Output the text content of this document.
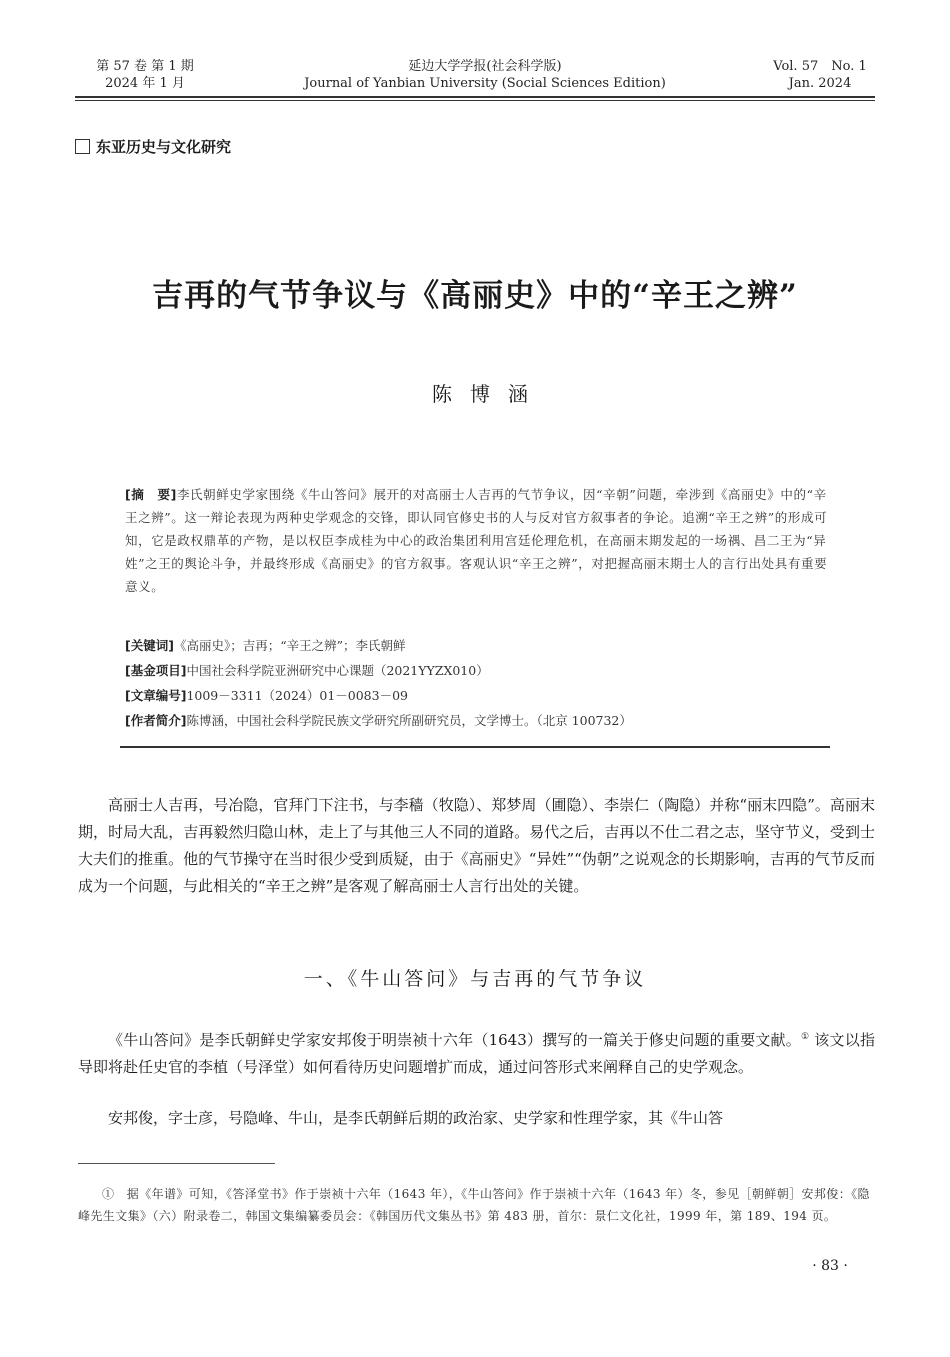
第 57 卷 第 1 期
2024 年 1 月
延边大学学报(社会科学版)
Journal of Yanbian University (Social Sciences Edition)
Vol. 57　No. 1
Jan. 2024
东亚历史与文化研究
吉再的气节争议与《高丽史》中的“辛王之辨”
陈博涵
[摘　要]李氏朝鲜史学家围绕《牛山答问》展开的对高丽士人吉再的气节争议，因“辛朝”问题，牵涉到《高丽史》中的“辛王之辨”。这一辩论表现为两种史学观念的交锋，即认同官修史书的人与反对官方叙事者的争论。追溯“辛王之辨”的形成可知，它是政权鼎革的产物，是以权臣李成桂为中心的政治集团利用宫廷伦理危机，在高丽末期发起的一场禑、昌二王为“异姓”之王的舆论斗争，并最终形成《高丽史》的官方叙事。客观认识“辛王之辨”，对把握高丽末期士人的言行出处具有重要意义。
[关键词]《高丽史》；吉再；“辛王之辨”；李氏朝鲜
[基金项目]中国社会科学院亚洲研究中心课题（2021YYZX010）
[文章编号]1009－3311（2024）01－0083－09
[作者简介]陈博涵，中国社会科学院民族文学研究所副研究员，文学博士。（北京 100732）

高丽士人吉再，号冶隐，官拜门下注书，与李穑（牧隐）、郑梦周（圃隐）、李崇仁（陶隐）并称“丽末四隐”。高丽末期，时局大乱，吉再毅然归隐山林，走上了与其他三人不同的道路。易代之后，吉再以不仕二君之志，坚守节义，受到士大夫们的推重。他的气节操守在当时很少受到质疑，由于《高丽史》“异姓”“伪朝”之说观念的长期影响，吉再的气节反而成为一个问题，与此相关的“辛王之辨”是客观了解高丽士人言行出处的关键。

一、《牛山答问》与吉再的气节争议

《牛山答问》是李氏朝鲜史学家安邦俊于明崇祯十六年（1643）撰写的一篇关于修史问题的重要文献。① 该文以指导即将赴任史官的李植（号泽堂）如何看待历史问题增扩而成，通过问答形式来阐释自己的史学观念。

安邦俊，字士彦，号隐峰、牛山，是李氏朝鲜后期的政治家、史学家和性理学家，其《牛山答

①　据《年谱》可知，《答泽堂书》作于崇祯十六年（1643 年），《牛山答问》作于崇祯十六年（1643 年）冬，参见［朝鲜朝］安邦俊：《隐峰先生文集》（六）附录卷二，韩国文集编纂委员会：《韩国历代文集丛书》第 483 册，首尔：景仁文化社，1999 年，第 189、194 页。
· 83 ·
